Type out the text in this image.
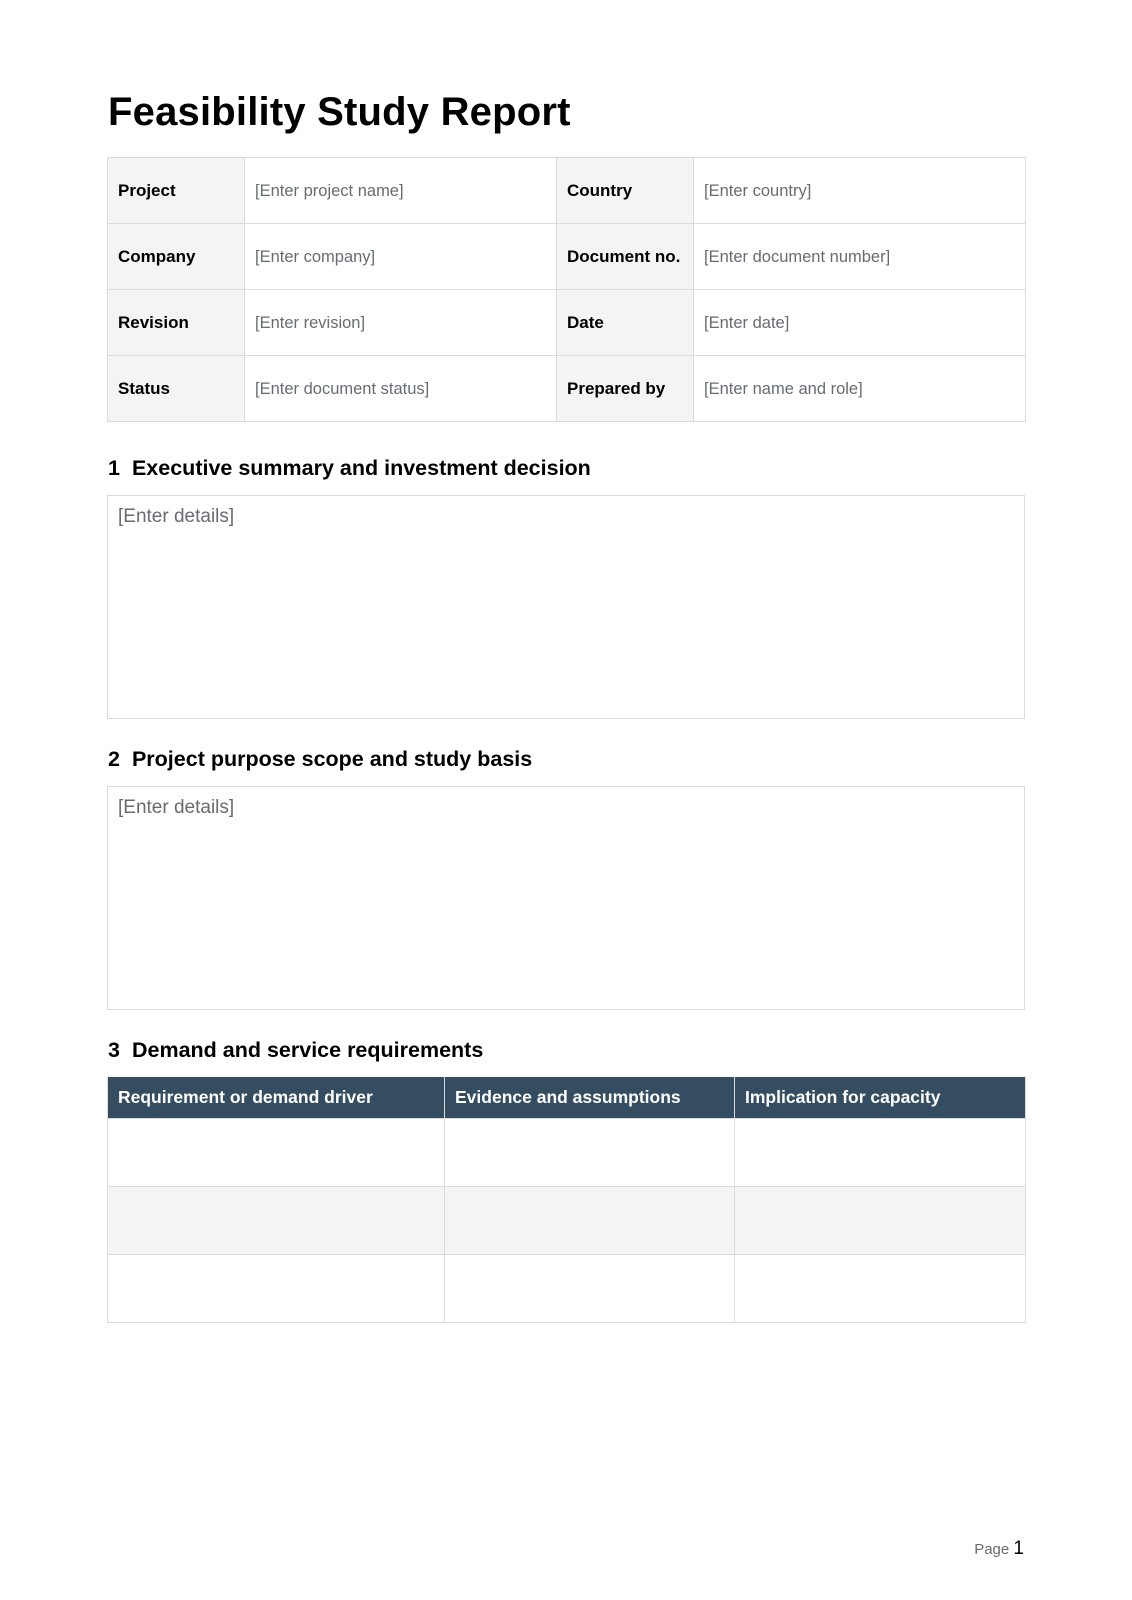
Feasibility Study Report
Project	[Enter project name]	Country	[Enter country]
Company	[Enter company]	Document no.	[Enter document number]
Revision	[Enter revision]	Date	[Enter date]
Status	[Enter document status]	Prepared by	[Enter name and role]
1 Executive summary and investment decision
[Enter details]
2 Project purpose scope and study basis
[Enter details]
3 Demand and service requirements
Requirement or demand driver	Evidence and assumptions	Implication for capacity

Page 1
